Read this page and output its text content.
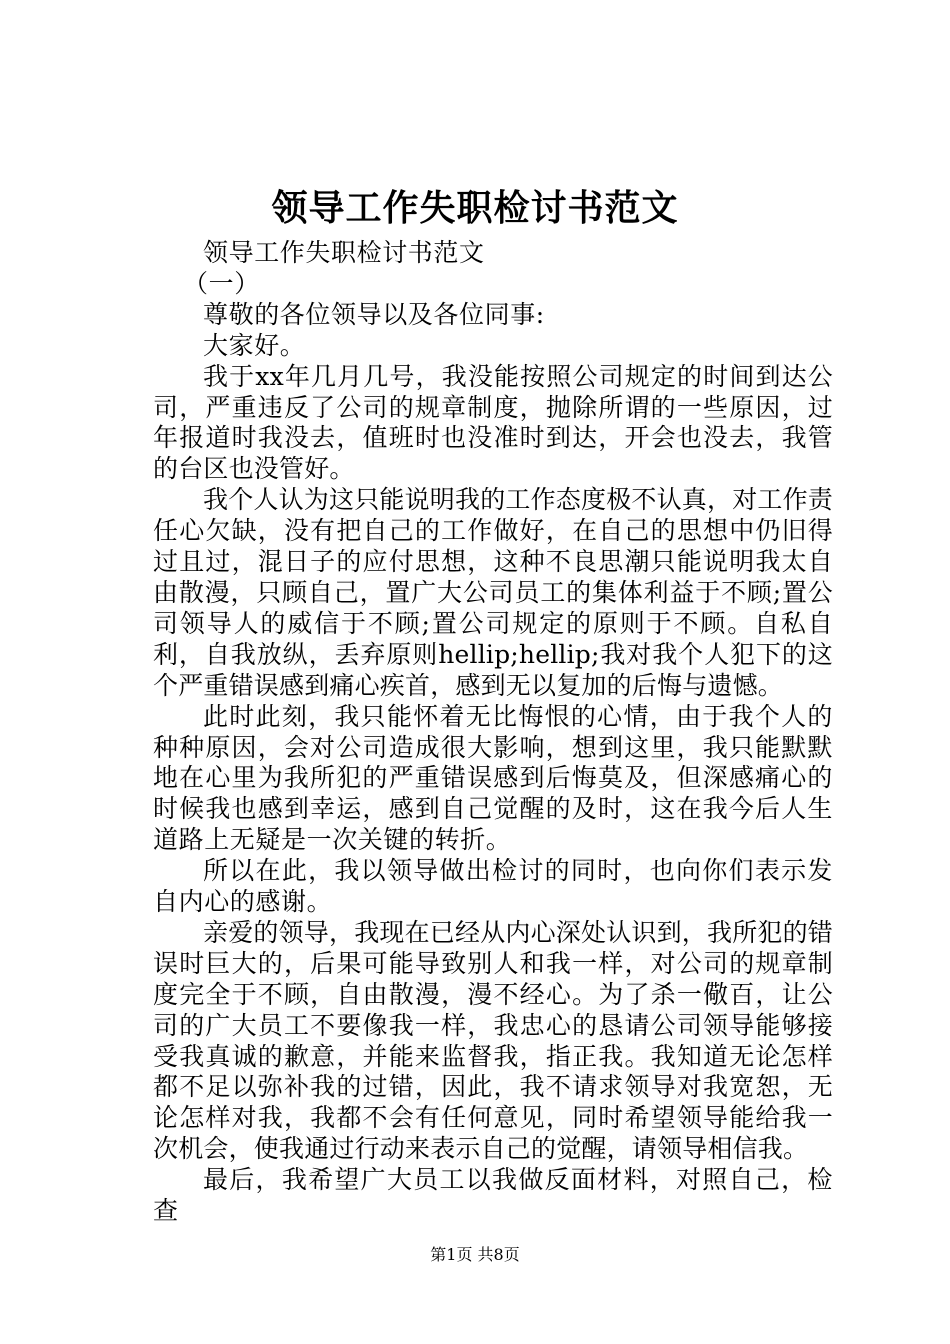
领导工作失职检讨书范文

领导工作失职检讨书范文

（一）

尊敬的各位领导以及各位同事:

大家好。

我于xx年几月几号，我没能按照公司规定的时间到达公司，严重违反了公司的规章制度，抛除所谓的一些原因，过年报道时我没去，值班时也没准时到达，开会也没去，我管的台区也没管好。

我个人认为这只能说明我的工作态度极不认真，对工作责任心欠缺，没有把自己的工作做好，在自己的思想中仍旧得过且过，混日子的应付思想，这种不良思潮只能说明我太自由散漫，只顾自己，置广大公司员工的集体利益于不顾;置公司领导人的威信于不顾;置公司规定的原则于不顾。自私自利，自我放纵，丢弃原则hellip;hellip;我对我个人犯下的这个严重错误感到痛心疾首，感到无以复加的后悔与遗憾。

此时此刻，我只能怀着无比悔恨的心情，由于我个人的种种原因，会对公司造成很大影响，想到这里，我只能默默地在心里为我所犯的严重错误感到后悔莫及，但深感痛心的时候我也感到幸运，感到自己觉醒的及时，这在我今后人生道路上无疑是一次关键的转折。

所以在此，我以领导做出检讨的同时，也向你们表示发自内心的感谢。

亲爱的领导，我现在已经从内心深处认识到，我所犯的错误时巨大的，后果可能导致别人和我一样，对公司的规章制度完全于不顾，自由散漫，漫不经心。为了杀一儆百，让公司的广大员工不要像我一样，我忠心的恳请公司领导能够接受我真诚的歉意，并能来监督我，指正我。我知道无论怎样都不足以弥补我的过错，因此，我不请求领导对我宽恕，无论怎样对我，我都不会有任何意见，同时希望领导能给我一次机会，使我通过行动来表示自己的觉醒，请领导相信我。

最后，我希望广大员工以我做反面材料，对照自己，检查

第1页 共8页
